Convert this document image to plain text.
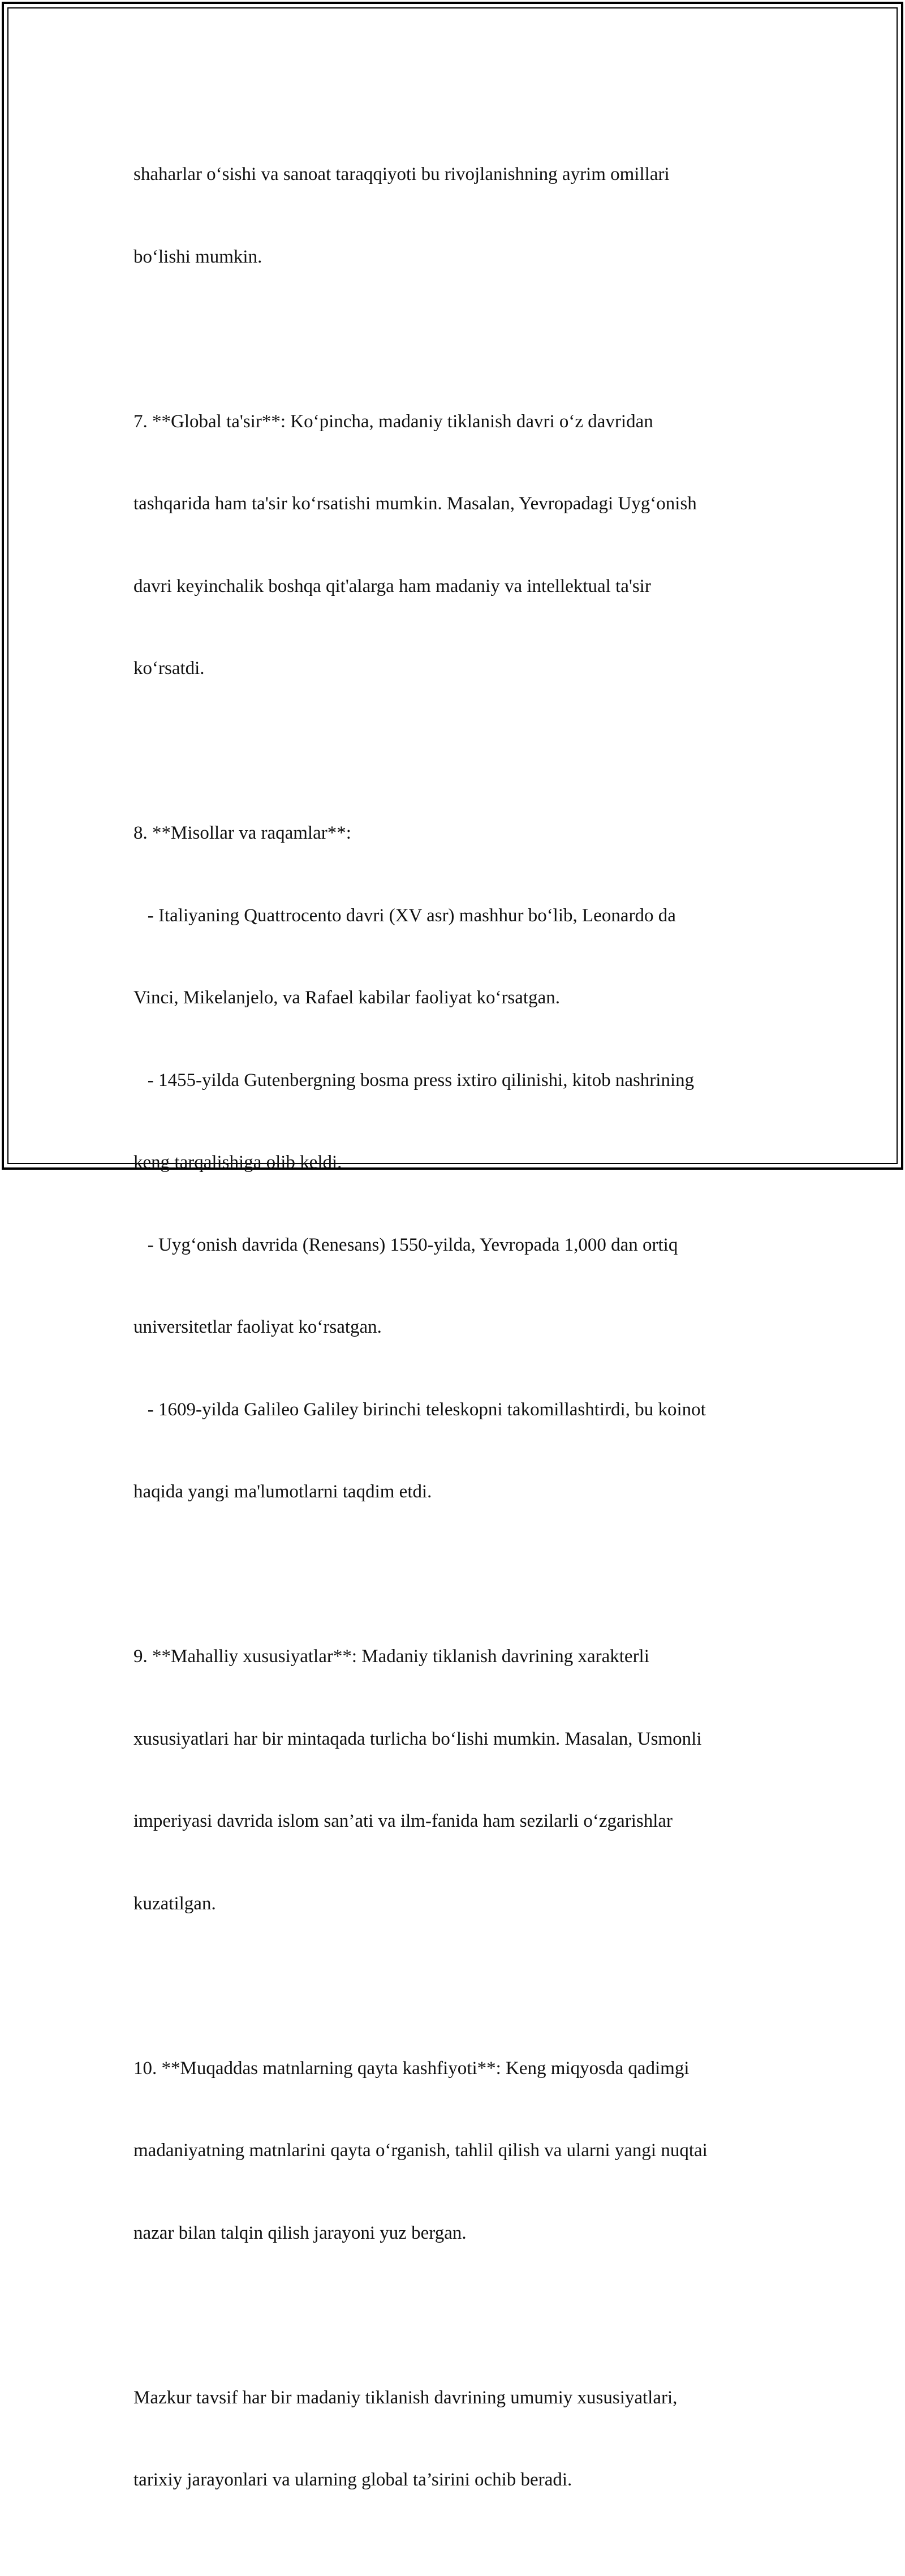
shaharlar o‘sishi va sanoat taraqqiyoti bu rivojlanishning ayrim omillari

bo‘lishi mumkin.

7. **Global ta'sir**: Ko‘pincha, madaniy tiklanish davri o‘z davridan

tashqarida ham ta'sir ko‘rsatishi mumkin. Masalan, Yevropadagi Uyg‘onish

davri keyinchalik boshqa qit'alarga ham madaniy va intellektual ta'sir

ko‘rsatdi.

8. **Misollar va raqamlar**:

- Italiyaning Quattrocento davri (XV asr) mashhur bo‘lib, Leonardo da

Vinci, Mikelanjelo, va Rafael kabilar faoliyat ko‘rsatgan.

- 1455-yilda Gutenbergning bosma press ixtiro qilinishi, kitob nashrining

keng tarqalishiga olib keldi.

- Uyg‘onish davrida (Renesans) 1550-yilda, Yevropada 1,000 dan ortiq

universitetlar faoliyat ko‘rsatgan.

- 1609-yilda Galileo Galiley birinchi teleskopni takomillashtirdi, bu koinot

haqida yangi ma'lumotlarni taqdim etdi.

9. **Mahalliy xususiyatlar**: Madaniy tiklanish davrining xarakterli

xususiyatlari har bir mintaqada turlicha bo‘lishi mumkin. Masalan, Usmonli

imperiyasi davrida islom san’ati va ilm-fanida ham sezilarli o‘zgarishlar

kuzatilgan.

10. **Muqaddas matnlarning qayta kashfiyoti**: Keng miqyosda qadimgi

madaniyatning matnlarini qayta o‘rganish, tahlil qilish va ularni yangi nuqtai

nazar bilan talqin qilish jarayoni yuz bergan.

Mazkur tavsif har bir madaniy tiklanish davrining umumiy xususiyatlari,

tarixiy jarayonlari va ularning global ta’sirini ochib beradi.
